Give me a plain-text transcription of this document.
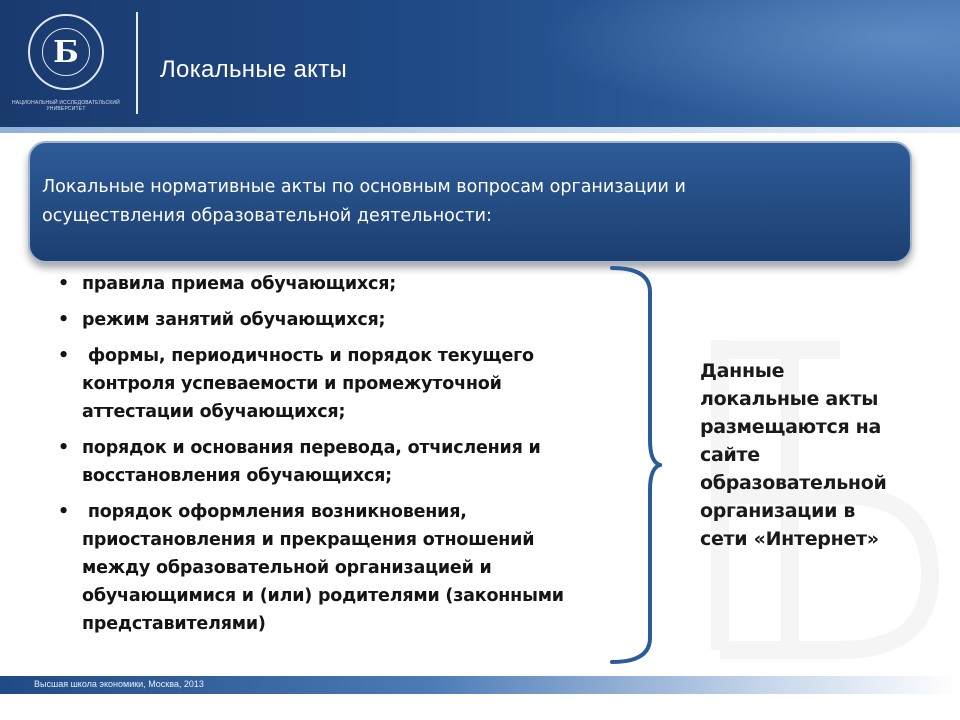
Б
НАЦИОНАЛЬНЫЙ ИССЛЕДОВАТЕЛЬСКИЙ УНИВЕРСИТЕТ
Локальные акты
Локальные нормативные акты по основным вопросам организации и
осуществления образовательной деятельности:
• правила приема обучающихся;
• режим занятий обучающихся;
• формы, периодичность и порядок текущего
контроля успеваемости и промежуточной
аттестации обучающихся;
• порядок и основания перевода, отчисления и
восстановления обучающихся;
• порядок оформления возникновения,
приостановления и прекращения отношений
между образовательной организацией и
обучающимися и (или) родителями (законными
представителями)
Данные
локальные акты
размещаются на
сайте
образовательной
организации в
сети «Интернет»
Высшая школа экономики, Москва, 2013
